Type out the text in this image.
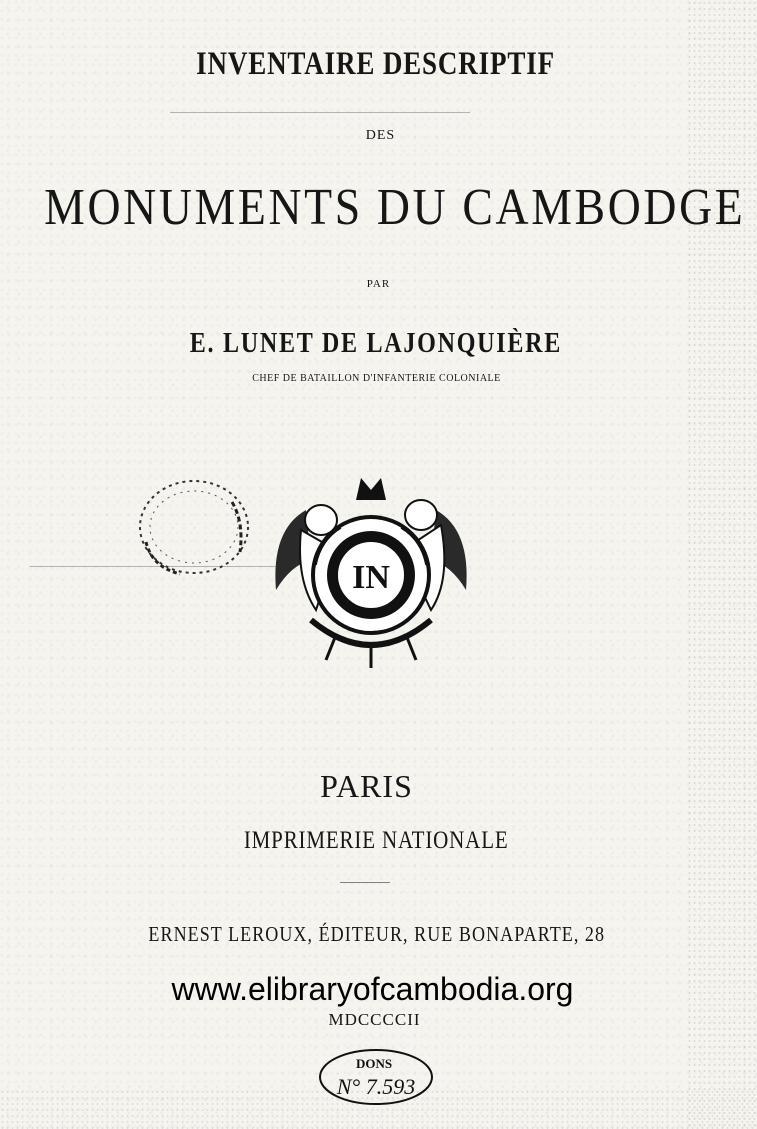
INVENTAIRE DESCRIPTIF
DES
MONUMENTS DU CAMBODGE
PAR
E. LUNET DE LAJONQUIÈRE
CHEF DE BATAILLON D'INFANTERIE COLONIALE
IN
PARIS
IMPRIMERIE NATIONALE
ERNEST LEROUX, ÉDITEUR, RUE BONAPARTE, 28
www.elibraryofcambodia.org
MDCCCCII
DONS
N° 7.593
